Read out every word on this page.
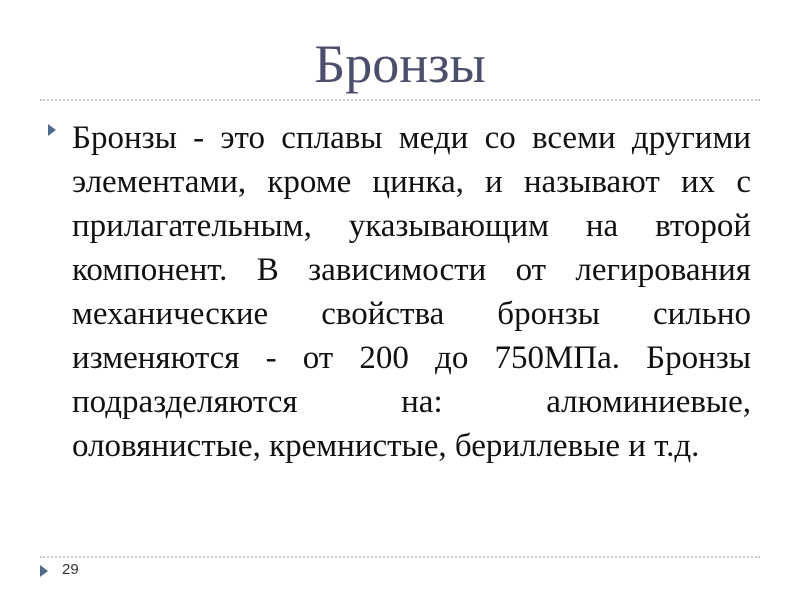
Бронзы
Бронзы - это сплавы меди со всеми другими элементами, кроме цинка, и называют их с прилагательным, указывающим на второй компонент. В зависимости от легирования механические свойства бронзы сильно изменяются - от 200 до 750МПа. Бронзы подразделяются на: алюминиевые, оловянистые, кремнистые, бериллевые и т.д.
29
